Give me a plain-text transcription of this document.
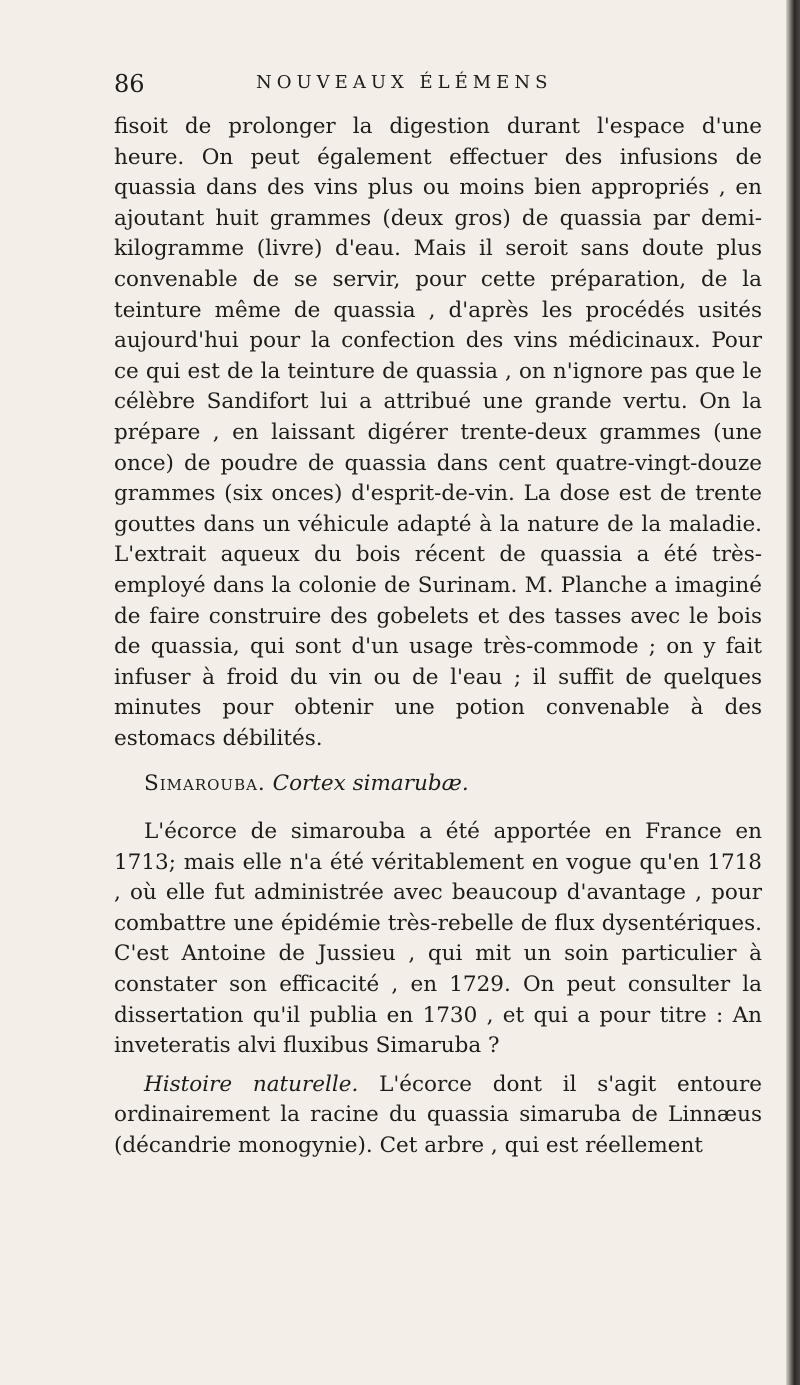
86	NOUVEAUX ÉLÉMENS

fisoit de prolonger la digestion durant l'espace d'une heure. On peut également effectuer des infusions de quassia dans des vins plus ou moins bien appropriés , en ajoutant huit grammes (deux gros) de quassia par demi-kilogramme (livre) d'eau. Mais il seroit sans doute plus convenable de se servir, pour cette préparation, de la teinture même de quassia , d'après les procédés usités aujourd'hui pour la confection des vins médicinaux. Pour ce qui est de la teinture de quassia , on n'ignore pas que le célèbre Sandifort lui a attribué une grande vertu. On la prépare , en laissant digérer trente-deux grammes (une once) de poudre de quassia dans cent quatre-vingt-douze grammes (six onces) d'esprit-de-vin. La dose est de trente gouttes dans un véhicule adapté à la nature de la maladie. L'extrait aqueux du bois récent de quassia a été très-employé dans la colonie de Surinam. M. Planche a imaginé de faire construire des gobelets et des tasses avec le bois de quassia, qui sont d'un usage très-commode ; on y fait infuser à froid du vin ou de l'eau ; il suffit de quelques minutes pour obtenir une potion convenable à des estomacs débilités.

Simarouba. Cortex simarubæ.

L'écorce de simarouba a été apportée en France en 1713; mais elle n'a été véritablement en vogue qu'en 1718 , où elle fut administrée avec beaucoup d'avantage , pour combattre une épidémie très-rebelle de flux dysentériques. C'est Antoine de Jussieu , qui mit un soin particulier à constater son efficacité , en 1729. On peut consulter la dissertation qu'il publia en 1730 , et qui a pour titre : An inveteratis alvi fluxibus Simaruba ?

Histoire naturelle. L'écorce dont il s'agit entoure ordinairement la racine du quassia simaruba de Linnæus (décandrie monogynie). Cet arbre , qui est réellement
